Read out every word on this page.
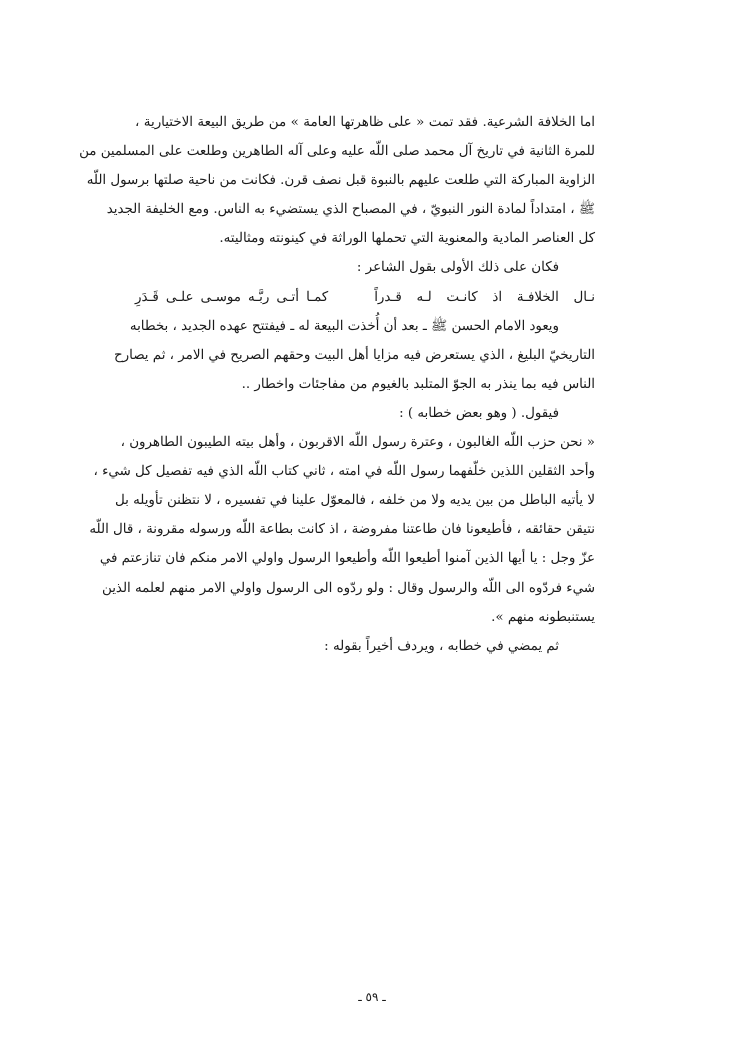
اما الخلافة الشرعية. فقد تمت « على ظاهرتها العامة » من طريق البيعة الاختيارية ،
للمرة الثانية في تاريخ آل محمد صلى اللّه عليه وعلى آله الطاهرين وطلعت على المسلمين من
الزاوية المباركة التي طلعت عليهم بالنبوة قبل نصف قرن. فكانت من ناحية صلتها برسول اللّه
ﷺ ، امتداداً لمادة النور النبويّ ، في المصباح الذي يستضيء به الناس. ومع الخليفة الجديد
كل العناصر المادية والمعنوية التي تحملها الوراثة في كينونته ومثاليته.
فكان على ذلك الأولى بقول الشاعر :
نـال الخلافـة اذ كانـت لـه قـدراً
كمـا أتـى ربَّـه موسـى علـى قَـدَرِ
ويعود الامام الحسن ﷺ ـ بعد أن أُخذت البيعة له ـ فيفتتح عهده الجديد ، بخطابه
التاريخيّ البليغ ، الذي يستعرض فيه مزايا أهل البيت وحقهم الصريح في الامر ، ثم يصارح
الناس فيه بما ينذر به الجوّ المتلبد بالغيوم من مفاجئات واخطار ..
فيقول. ( وهو بعض خطابه ) :
« نحن حزب اللّه الغالبون ، وعترة رسول اللّه الاقربون ، وأهل بيته الطيبون الطاهرون ،
وأحد الثقلين اللذين خلّفهما رسول اللّه في امته ، ثاني كتاب اللّه الذي فيه تفصيل كل شيء ،
لا يأتيه الباطل من بين يديه ولا من خلفه ، فالمعوّل علينا في تفسيره ، لا نتظنن تأويله بل
نتيقن حقائقه ، فأطيعونا فان طاعتنا مفروضة ، اذ كانت بطاعة اللّه ورسوله مقرونة ، قال اللّه
عزّ وجل : يا أيها الذين آمنوا أطيعوا اللّه وأطيعوا الرسول واولي الامر منكم فان تنازعتم في
شيء فردّوه الى اللّه والرسول وقال : ولو ردّوه الى الرسول واولي الامر منهم لعلمه الذين
يستنبطونه منهم ».
ثم يمضي في خطابه ، ويردف أخيراً بقوله :
ـ ٥٩ ـ
